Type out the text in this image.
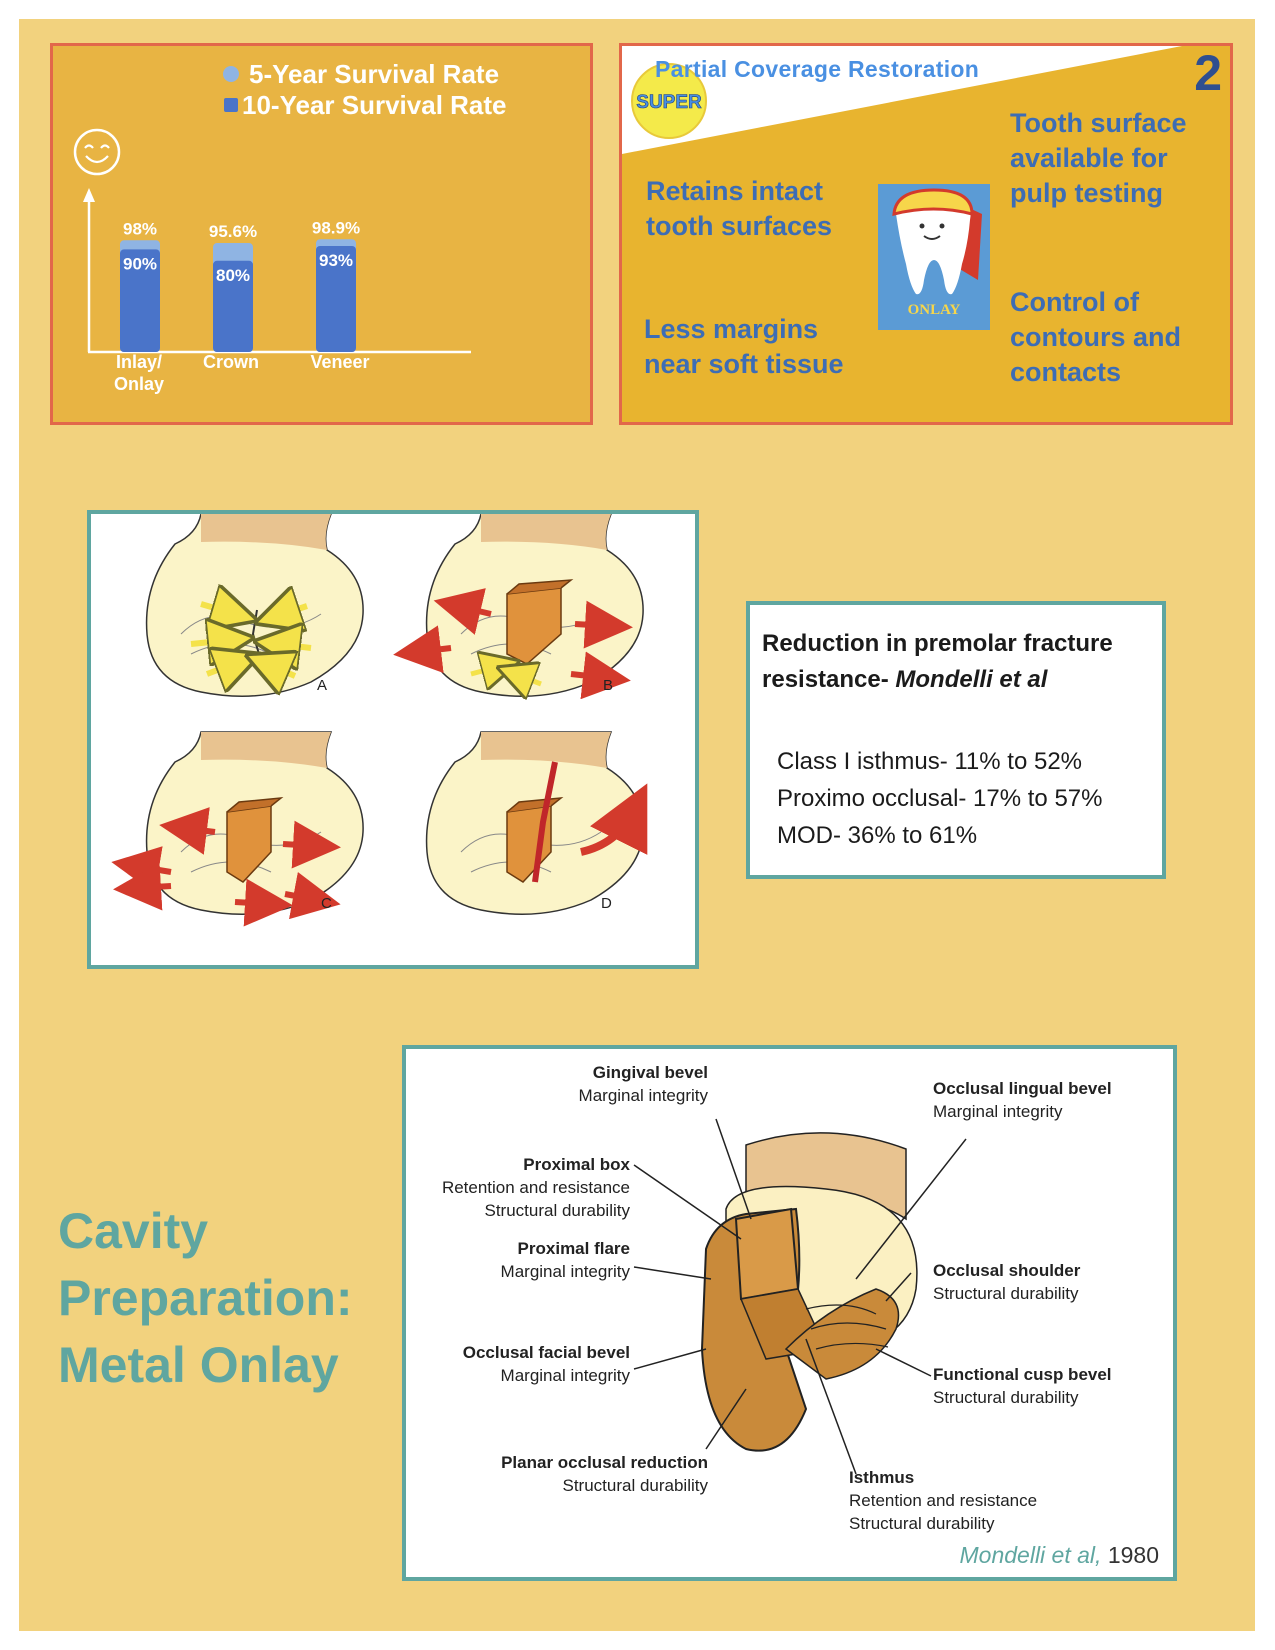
5-Year Survival Rate
10-Year Survival Rate
98%	95.6%	98.9%
90%
80%
93%
Inlay/
Onlay
Crown	Veneer
SUPER
Partial Coverage Restoration	2
Retains intact
tooth surfaces
Less margins
near soft tissue
Tooth surface
available for
pulp testing
Control of
contours and
contacts
ONLAY
A	B
C	D
Reduction in premolar fracture
resistance- Mondelli et al
Class I isthmus- 11% to 52%
Proximo occlusal- 17% to 57%
MOD- 36% to 61%
Cavity
Preparation:
Metal Onlay
Gingival bevel
Marginal integrity	Occlusal lingual bevel
Marginal integrity
Proximal box
Retention and resistance
Structural durability
Proximal flare
Marginal integrity	Occlusal shoulder
Structural durability
Occlusal facial bevel
Marginal integrity	Functional cusp bevel
Structural durability
Planar occlusal reduction
Structural durability	Isthmus
Retention and resistance
Structural durability
Mondelli et al, 1980
